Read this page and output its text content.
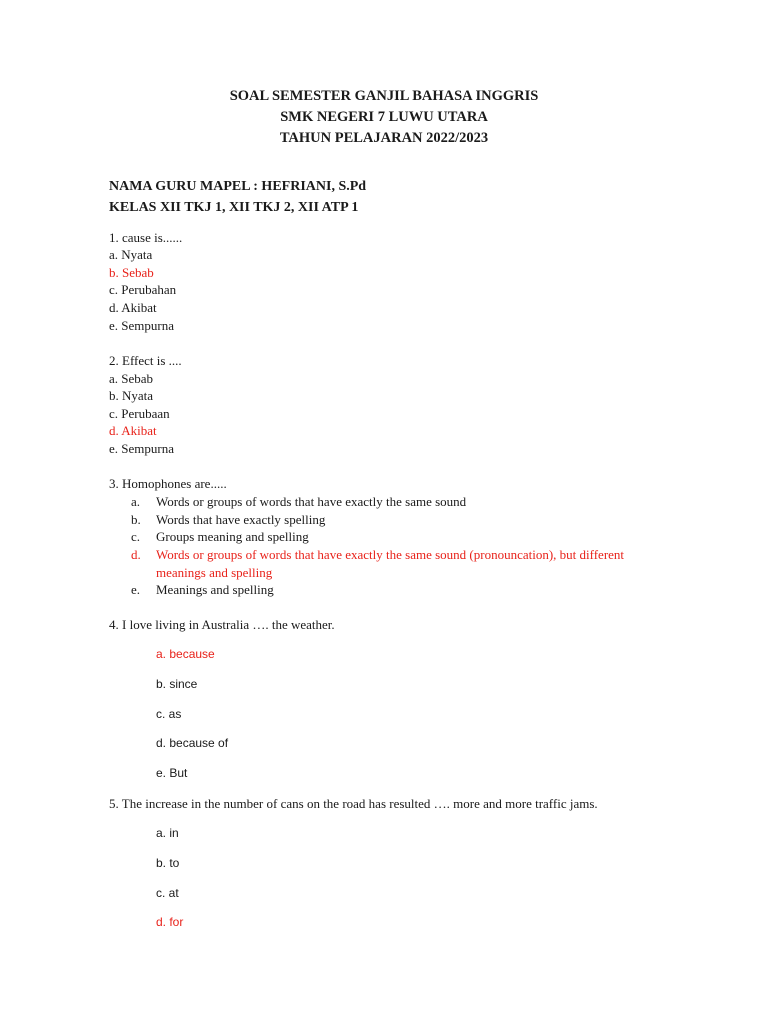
SOAL SEMESTER GANJIL BAHASA INGGRIS
SMK NEGERI 7 LUWU UTARA
TAHUN PELAJARAN 2022/2023
NAMA GURU MAPEL : HEFRIANI, S.Pd
KELAS XII TKJ 1, XII TKJ 2, XII ATP 1
1. cause is......
a. Nyata
b. Sebab
c. Perubahan
d. Akibat
e. Sempurna
2. Effect is ....
a. Sebab
b. Nyata
c. Perubaan
d. Akibat
e. Sempurna
3. Homophones are.....
a. Words or groups of words that have exactly the same sound
b. Words that have exactly spelling
c. Groups meaning and spelling
d. Words or groups of words that have exactly the same sound (pronouncation), but different
meanings and spelling
e. Meanings and spelling
4. I love living in Australia …. the weather.
a. because
b. since
c. as
d. because of
e. But
5. The increase in the number of cans on the road has resulted …. more and more traffic jams.
a. in
b. to
c. at
d. for
